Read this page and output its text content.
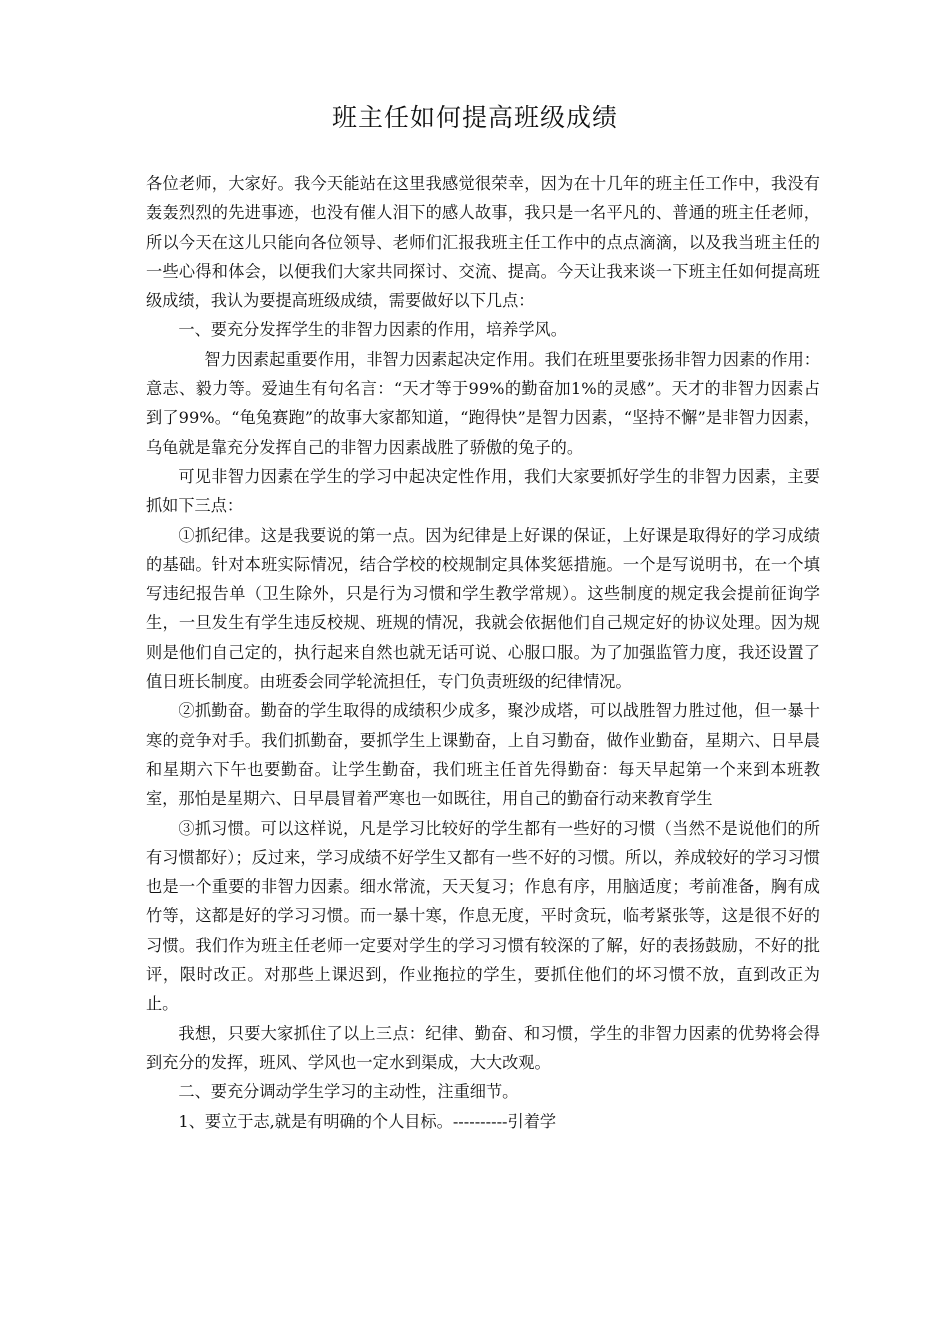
班主任如何提高班级成绩

各位老师，大家好。我今天能站在这里我感觉很荣幸，因为在十几年的班主任工作中，我没有轰轰烈烈的先进事迹，也没有催人泪下的感人故事，我只是一名平凡的、普通的班主任老师，所以今天在这儿只能向各位领导、老师们汇报我班主任工作中的点点滴滴，以及我当班主任的一些心得和体会，以便我们大家共同探讨、交流、提高。今天让我来谈一下班主任如何提高班级成绩，我认为要提高班级成绩，需要做好以下几点：

一、要充分发挥学生的非智力因素的作用，培养学风。

智力因素起重要作用，非智力因素起决定作用。我们在班里要张扬非智力因素的作用：意志、毅力等。爱迪生有句名言：“天才等于99%的勤奋加1%的灵感”。天才的非智力因素占到了99%。“龟兔赛跑”的故事大家都知道，“跑得快”是智力因素，“坚持不懈”是非智力因素，乌龟就是靠充分发挥自己的非智力因素战胜了骄傲的兔子的。

可见非智力因素在学生的学习中起决定性作用，我们大家要抓好学生的非智力因素，主要抓如下三点：

①抓纪律。这是我要说的第一点。因为纪律是上好课的保证，上好课是取得好的学习成绩的基础。针对本班实际情况，结合学校的校规制定具体奖惩措施。一个是写说明书，在一个填写违纪报告单（卫生除外，只是行为习惯和学生教学常规）。这些制度的规定我会提前征询学生，一旦发生有学生违反校规、班规的情况，我就会依据他们自己规定好的协议处理。因为规则是他们自己定的，执行起来自然也就无话可说、心服口服。为了加强监管力度，我还设置了值日班长制度。由班委会同学轮流担任，专门负责班级的纪律情况。

②抓勤奋。勤奋的学生取得的成绩积少成多，聚沙成塔，可以战胜智力胜过他，但一暴十寒的竞争对手。我们抓勤奋，要抓学生上课勤奋，上自习勤奋，做作业勤奋，星期六、日早晨和星期六下午也要勤奋。让学生勤奋，我们班主任首先得勤奋：每天早起第一个来到本班教室，那怕是星期六、日早晨冒着严寒也一如既往，用自己的勤奋行动来教育学生

③抓习惯。可以这样说，凡是学习比较好的学生都有一些好的习惯（当然不是说他们的所有习惯都好）；反过来，学习成绩不好学生又都有一些不好的习惯。所以，养成较好的学习习惯也是一个重要的非智力因素。细水常流，天天复习；作息有序，用脑适度；考前准备，胸有成竹等，这都是好的学习习惯。而一暴十寒，作息无度，平时贪玩，临考紧张等，这是很不好的习惯。我们作为班主任老师一定要对学生的学习习惯有较深的了解，好的表扬鼓励，不好的批评，限时改正。对那些上课迟到，作业拖拉的学生，要抓住他们的坏习惯不放，直到改正为止。

我想，只要大家抓住了以上三点：纪律、勤奋、和习惯，学生的非智力因素的优势将会得到充分的发挥，班风、学风也一定水到渠成，大大改观。

二、要充分调动学生学习的主动性，注重细节。

1、要立于志,就是有明确的个人目标。----------引着学
